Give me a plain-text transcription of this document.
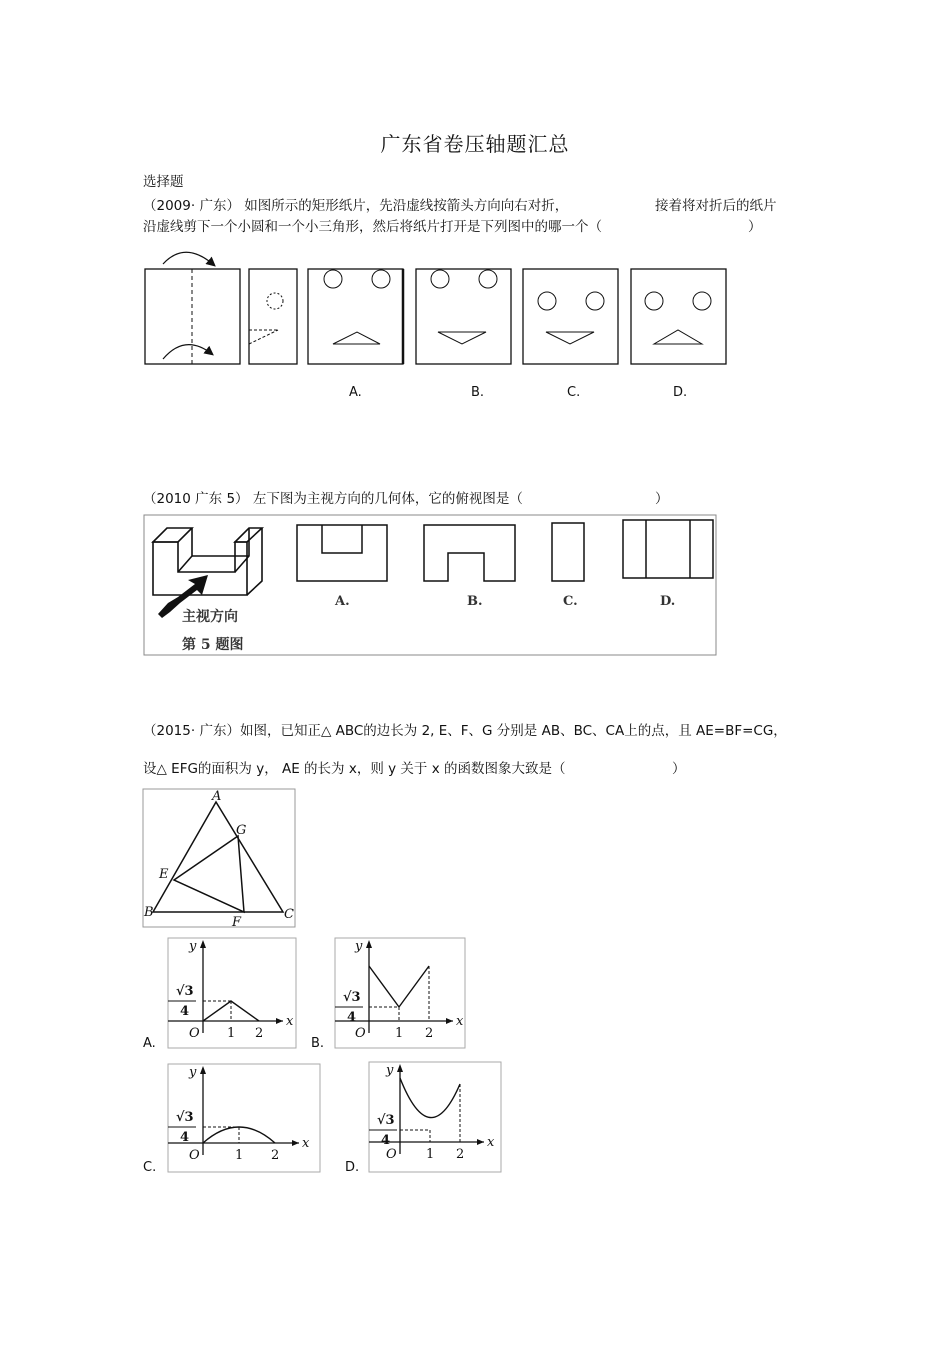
广东省卷压轴题汇总
选择题
（2009· 广东） 如图所示的矩形纸片，先沿虚线按箭头方向向右对折，	接着将对折后的纸片
沿虚线剪下一个小圆和一个小三角形，然后将纸片打开是下列图中的哪一个（	）
A.	B.	C.	D.
（2010 广东 5） 左下图为主视方向的几何体，它的俯视图是（	）
主视方向
第 5 题图
A.	B.	C.	D.
（2015· 广东）如图，已知正△ ABC的边长为 2, E、F、G 分别是 AB、BC、CA上的点，且 AE=BF=CG，
设△ EFG的面积为 y， AE 的长为 x，则 y 关于 x 的函数图象大致是（	）
A
B	C
E
F
G
x
y
O 1 2
√3
4
x
y
O 1 2
√3
4
x
y
O	1 2
√3
4	x
y
O 1 2
√3
4
A.	B.
C.	D.
